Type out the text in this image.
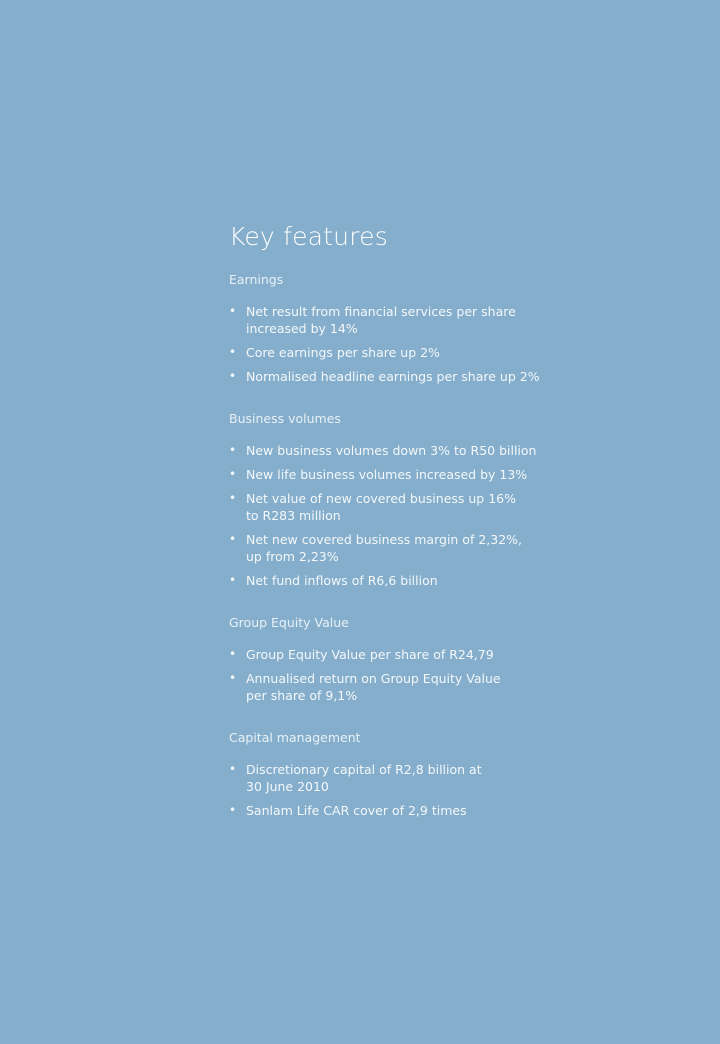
Key features
Earnings
• Net result from financial services per share
increased by 14%
• Core earnings per share up 2%
• Normalised headline earnings per share up 2%
Business volumes
• New business volumes down 3% to R50 billion
• New life business volumes increased by 13%
• Net value of new covered business up 16%
to R283 million
• Net new covered business margin of 2,32%,
up from 2,23%
• Net fund inflows of R6,6 billion
Group Equity Value
• Group Equity Value per share of R24,79
• Annualised return on Group Equity Value
per share of 9,1%
Capital management
• Discretionary capital of R2,8 billion at
30 June 2010
• Sanlam Life CAR cover of 2,9 times
